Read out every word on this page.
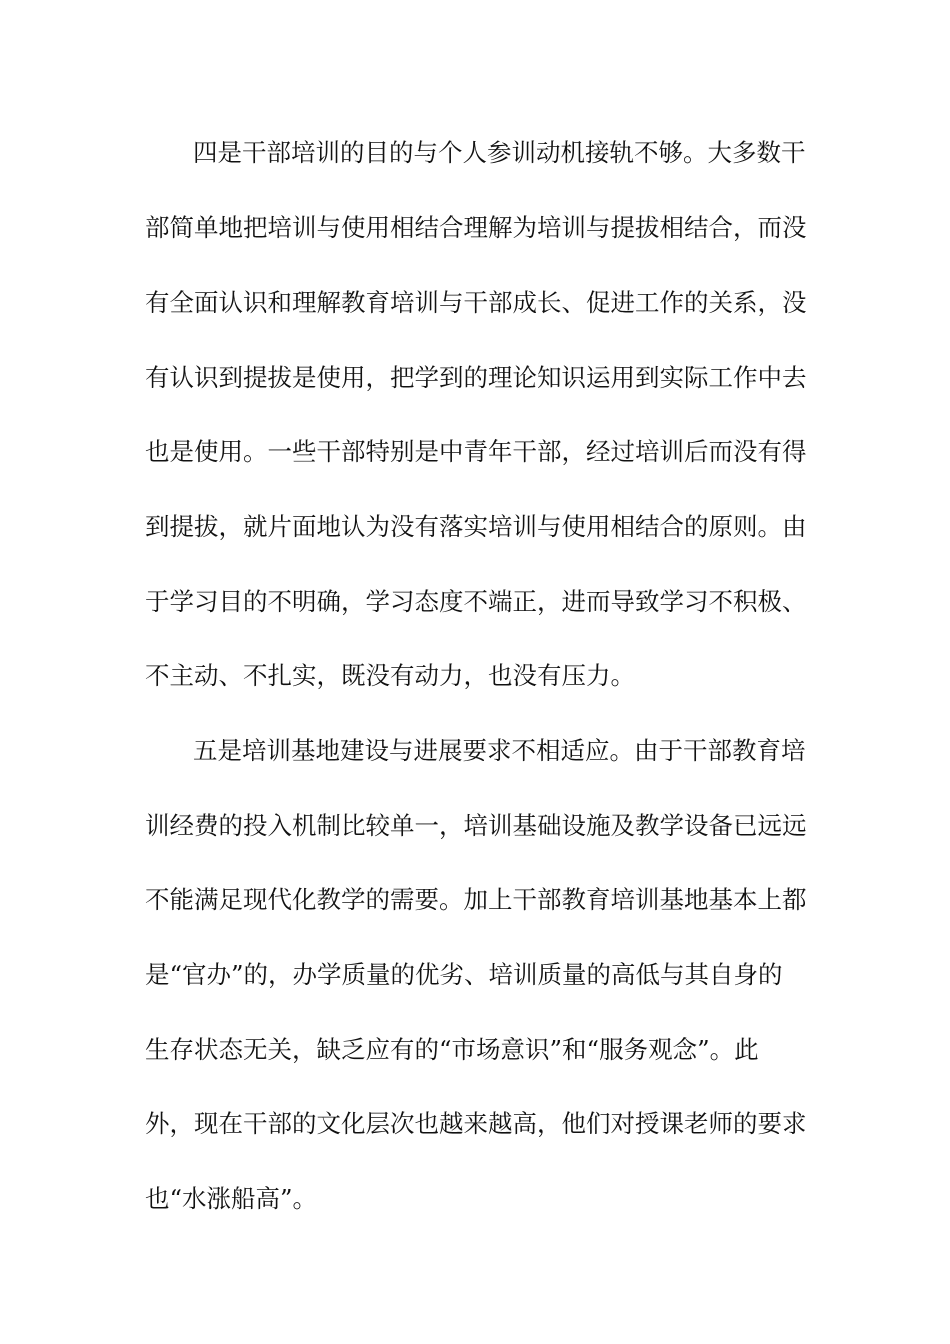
四是干部培训的目的与个人参训动机接轨不够。大多数干
部简单地把培训与使用相结合理解为培训与提拔相结合，而没
有全面认识和理解教育培训与干部成长、促进工作的关系，没
有认识到提拔是使用，把学到的理论知识运用到实际工作中去
也是使用。一些干部特别是中青年干部，经过培训后而没有得
到提拔，就片面地认为没有落实培训与使用相结合的原则。由
于学习目的不明确，学习态度不端正，进而导致学习不积极、
不主动、不扎实，既没有动力，也没有压力。
五是培训基地建设与进展要求不相适应。由于干部教育培
训经费的投入机制比较单一，培训基础设施及教学设备已远远
不能满足现代化教学的需要。加上干部教育培训基地基本上都
是“官办”的，办学质量的优劣、培训质量的高低与其自身的
生存状态无关，缺乏应有的“市场意识”和“服务观念”。此
外，现在干部的文化层次也越来越高，他们对授课老师的要求
也“水涨船高”。
